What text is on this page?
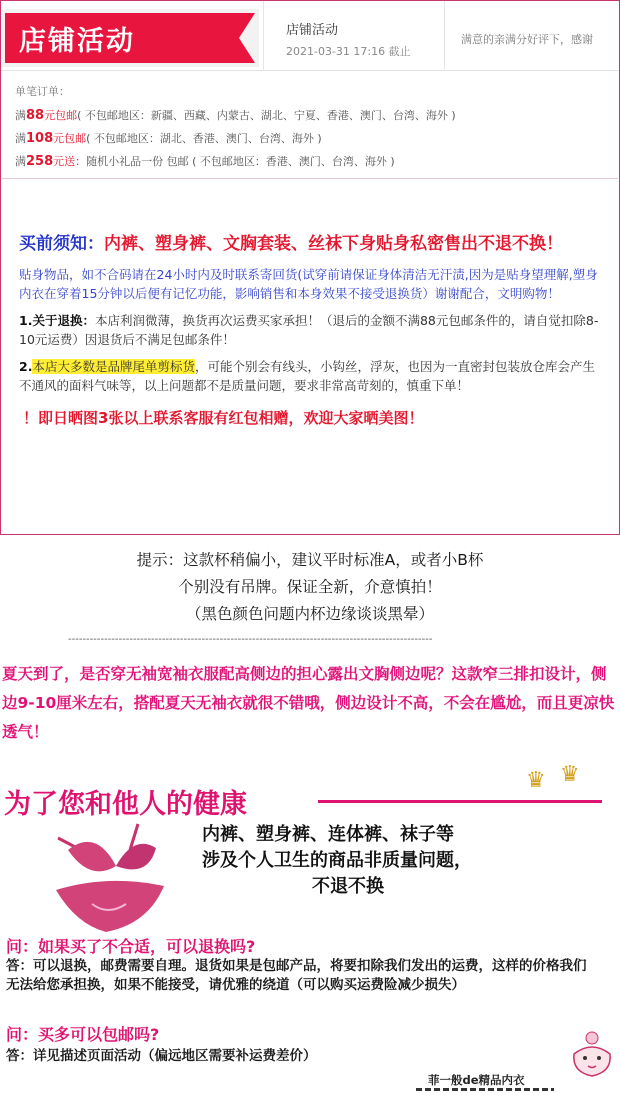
店铺活动	店铺活动
2021-03-31 17:16 截止
满意的亲满分好评下，感谢
单笔订单：
满88元包邮( 不包邮地区：新疆、西藏、内蒙古、湖北、宁夏、香港、澳门、台湾、海外 )
满108元包邮( 不包邮地区：湖北、香港、澳门、台湾、海外 )
满258元送：随机小礼品一份 包邮 ( 不包邮地区：香港、澳门、台湾、海外 )
买前须知：内裤、塑身裤、文胸套装、丝袜下身贴身私密售出不退不换！
贴身物品，如不合码请在24小时内及时联系寄回货(试穿前请保证身体清洁无汗渍,因为是贴身望理解,塑身内衣在穿着15分钟以后便有记忆功能，影响销售和本身效果不接受退换货）谢谢配合，文明购物！
1.关于退换：本店利润微薄，换货再次运费买家承担！（退后的金额不满88元包邮条件的，请自觉扣除8-10元运费）因退货后不满足包邮条件！
2.本店大多数是品牌尾单剪标货，可能个别会有线头，小钩丝，浮灰，也因为一直密封包装放仓库会产生不通风的面料气味等，以上问题都不是质量问题，要求非常高苛刻的，慎重下单！
！即日晒图3张以上联系客服有红包相赠，欢迎大家晒美图！
提示：这款杯稍偏小，建议平时标准A，或者小B杯
个别没有吊牌。保证全新，介意慎拍！
（黑色颜色问题内杯边缘谈谈黑晕）
-----------------------------------------------------------------------------------------------------
夏天到了，是否穿无袖宽袖衣服配高侧边的担心露出文胸侧边呢？这款窄三排扣设计，侧边9-10厘米左右，搭配夏天无袖衣就很不错哦，侧边设计不高，不会在尴尬，而且更凉快透气！
♛ ♛
为了您和他人的健康
内裤、塑身裤、连体裤、袜子等
涉及个人卫生的商品非质量问题，
不退不换
问：如果买了不合适，可以退换吗?
答：可以退换，邮费需要自理。退货如果是包邮产品，将要扣除我们发出的运费，这样的价格我们无法给您承担换，如果不能接受，请优雅的绕道（可以购买运费险减少损失）
问：买多可以包邮吗?
答：详见描述页面活动（偏远地区需要补运费差价）
菲一般de精品内衣
